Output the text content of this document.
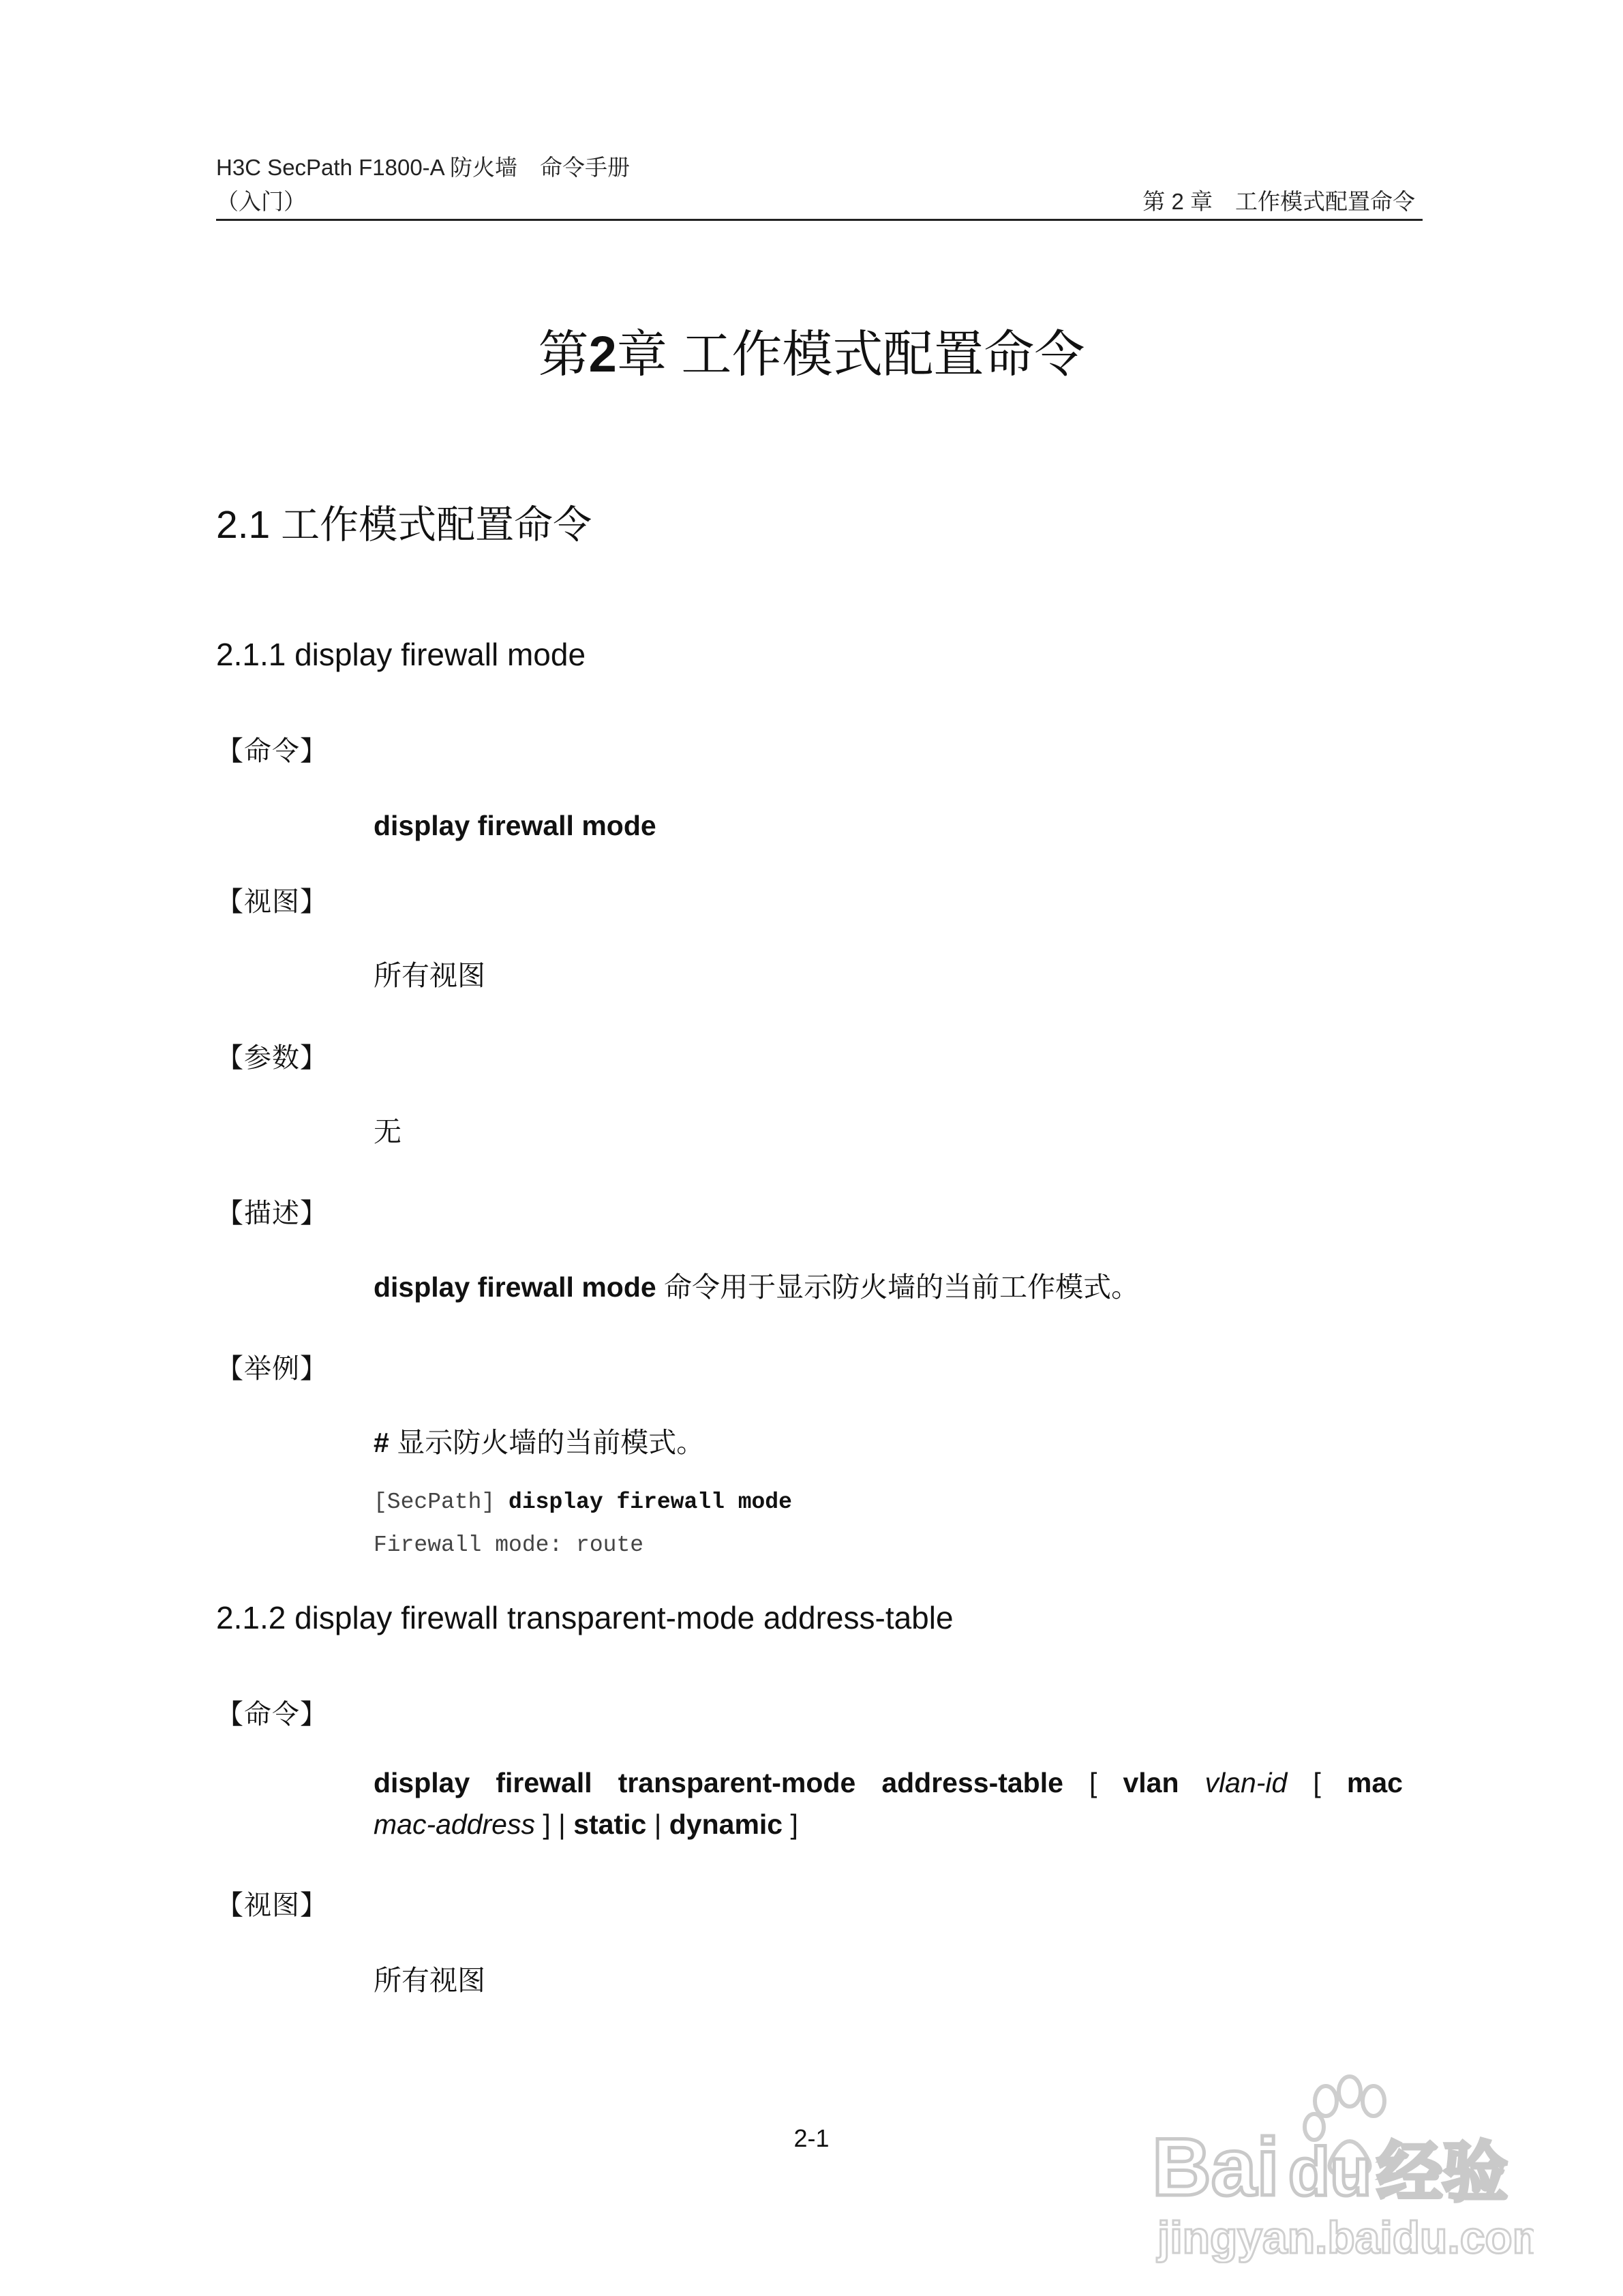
H3C SecPath F1800-A 防火墙　命令手册
（入门）	第 2 章　工作模式配置命令
第2章 工作模式配置命令
2.1 工作模式配置命令
2.1.1 display firewall mode
【命令】
display firewall mode
【视图】
所有视图
【参数】
无
【描述】
display firewall mode 命令用于显示防火墙的当前工作模式。
【举例】
# 显示防火墙的当前模式。
[SecPath] display firewall mode
Firewall mode: route
2.1.2 display firewall transparent-mode address-table
【命令】
display firewall transparent-mode address-table [ vlan vlan-id [ mac
mac-address ] | static | dynamic ]
【视图】
所有视图
2-1	Bai du 经验
jingyan.baidu.com
